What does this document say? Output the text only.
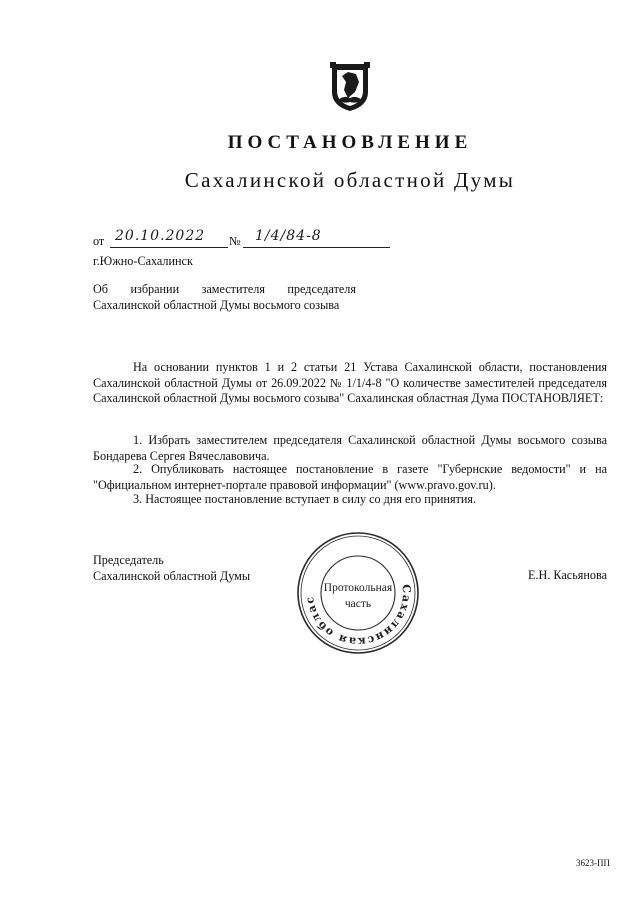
ПОСТАНОВЛЕНИЕ
Сахалинской областной Думы
от 20.10.2022 № 1/4/84-8
г.Южно-Сахалинск
Об избрании заместителя председателя Сахалинской областной Думы восьмого созыва
На основании пунктов 1 и 2 статьи 21 Устава Сахалинской области, постановления Сахалинской областной Думы от 26.09.2022 № 1/1/4-8 "О количестве заместителей председателя Сахалинской областной Думы восьмого созыва" Сахалинская областная Дума ПОСТАНОВЛЯЕТ:
1. Избрать заместителем председателя Сахалинской областной Думы восьмого созыва Бондарева Сергея Вячеславовича.
2. Опубликовать настоящее постановление в газете "Губернские ведомости" и на "Официальном интернет-портале правовой информации" (www.pravo.gov.ru).
3. Настоящее постановление вступает в силу со дня его принятия.
Председатель
Сахалинской областной Думы	Е.Н. Касьянова
Сахалинская облас
Протокольная
часть
3623-ПП
